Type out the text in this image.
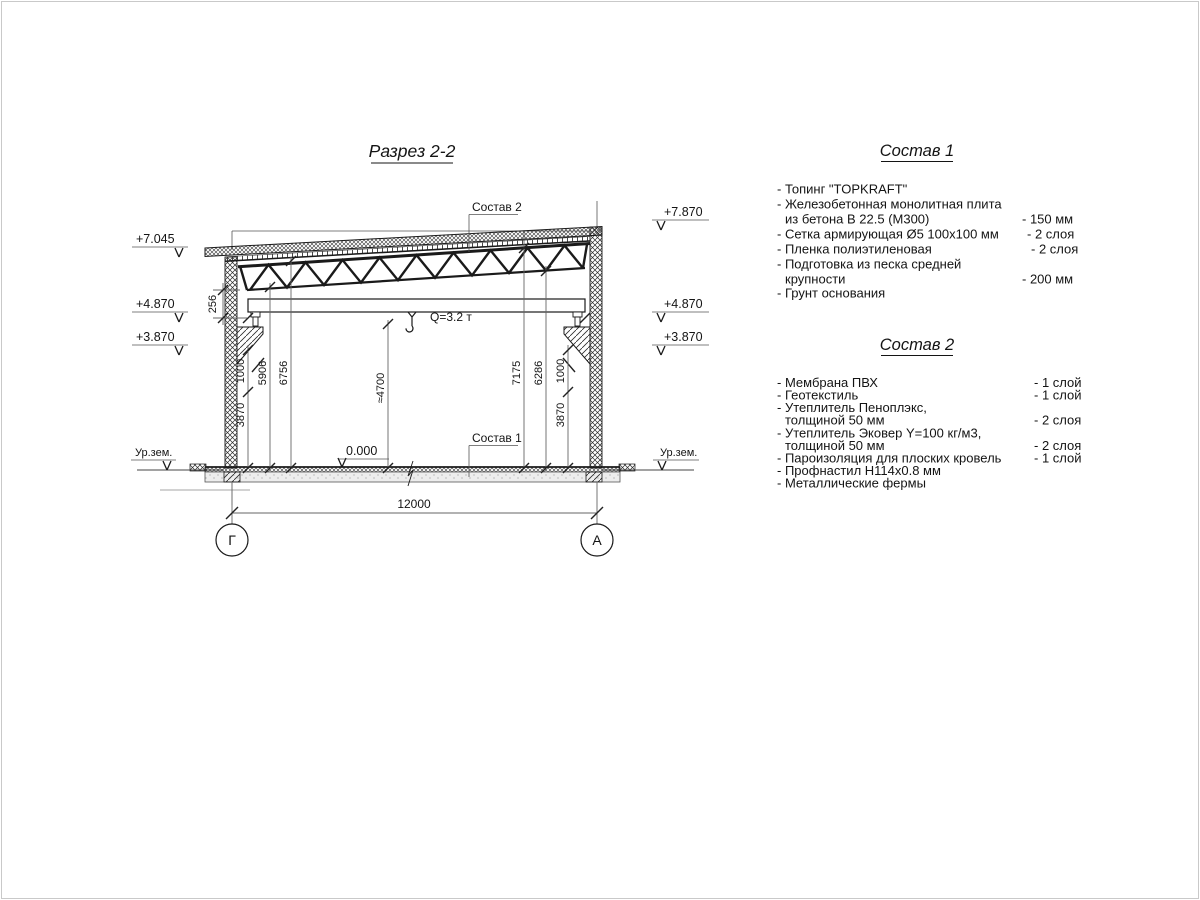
Разрез 2-2
Q=3.2 т
1000
3870
5906 6756	≈4700	7175 6286 1000
3870
256
Состав 2
Состав 1
0.000
+7.045
+4.870
+3.870
Ур.зем.
+7.870
+4.870
+3.870
Ур.зем.
12000
Г	А
Состав 1
- Топинг "TOPKRAFT"
- Железобетонная монолитная плита
из бетона В 22.5 (М300)	- 150 мм
- Сетка армирующая Ø5 100х100 мм - 2 слоя
- Пленка полиэтиленовая	- 2 слоя
- Подготовка из песка средней
крупности	- 200 мм
- Грунт основания
Состав 2
- Мембрана ПВХ	- 1 слой
- Геотекстиль	- 1 слой
- Утеплитель Пеноплэкс,
толщиной 50 мм	- 2 слоя
- Утеплитель Эковер Y=100 кг/м3,
толщиной 50 мм	- 2 слоя
- Пароизоляция для плоских кровель	- 1 слой
- Профнастил Н114х0.8 мм
- Металлические фермы
